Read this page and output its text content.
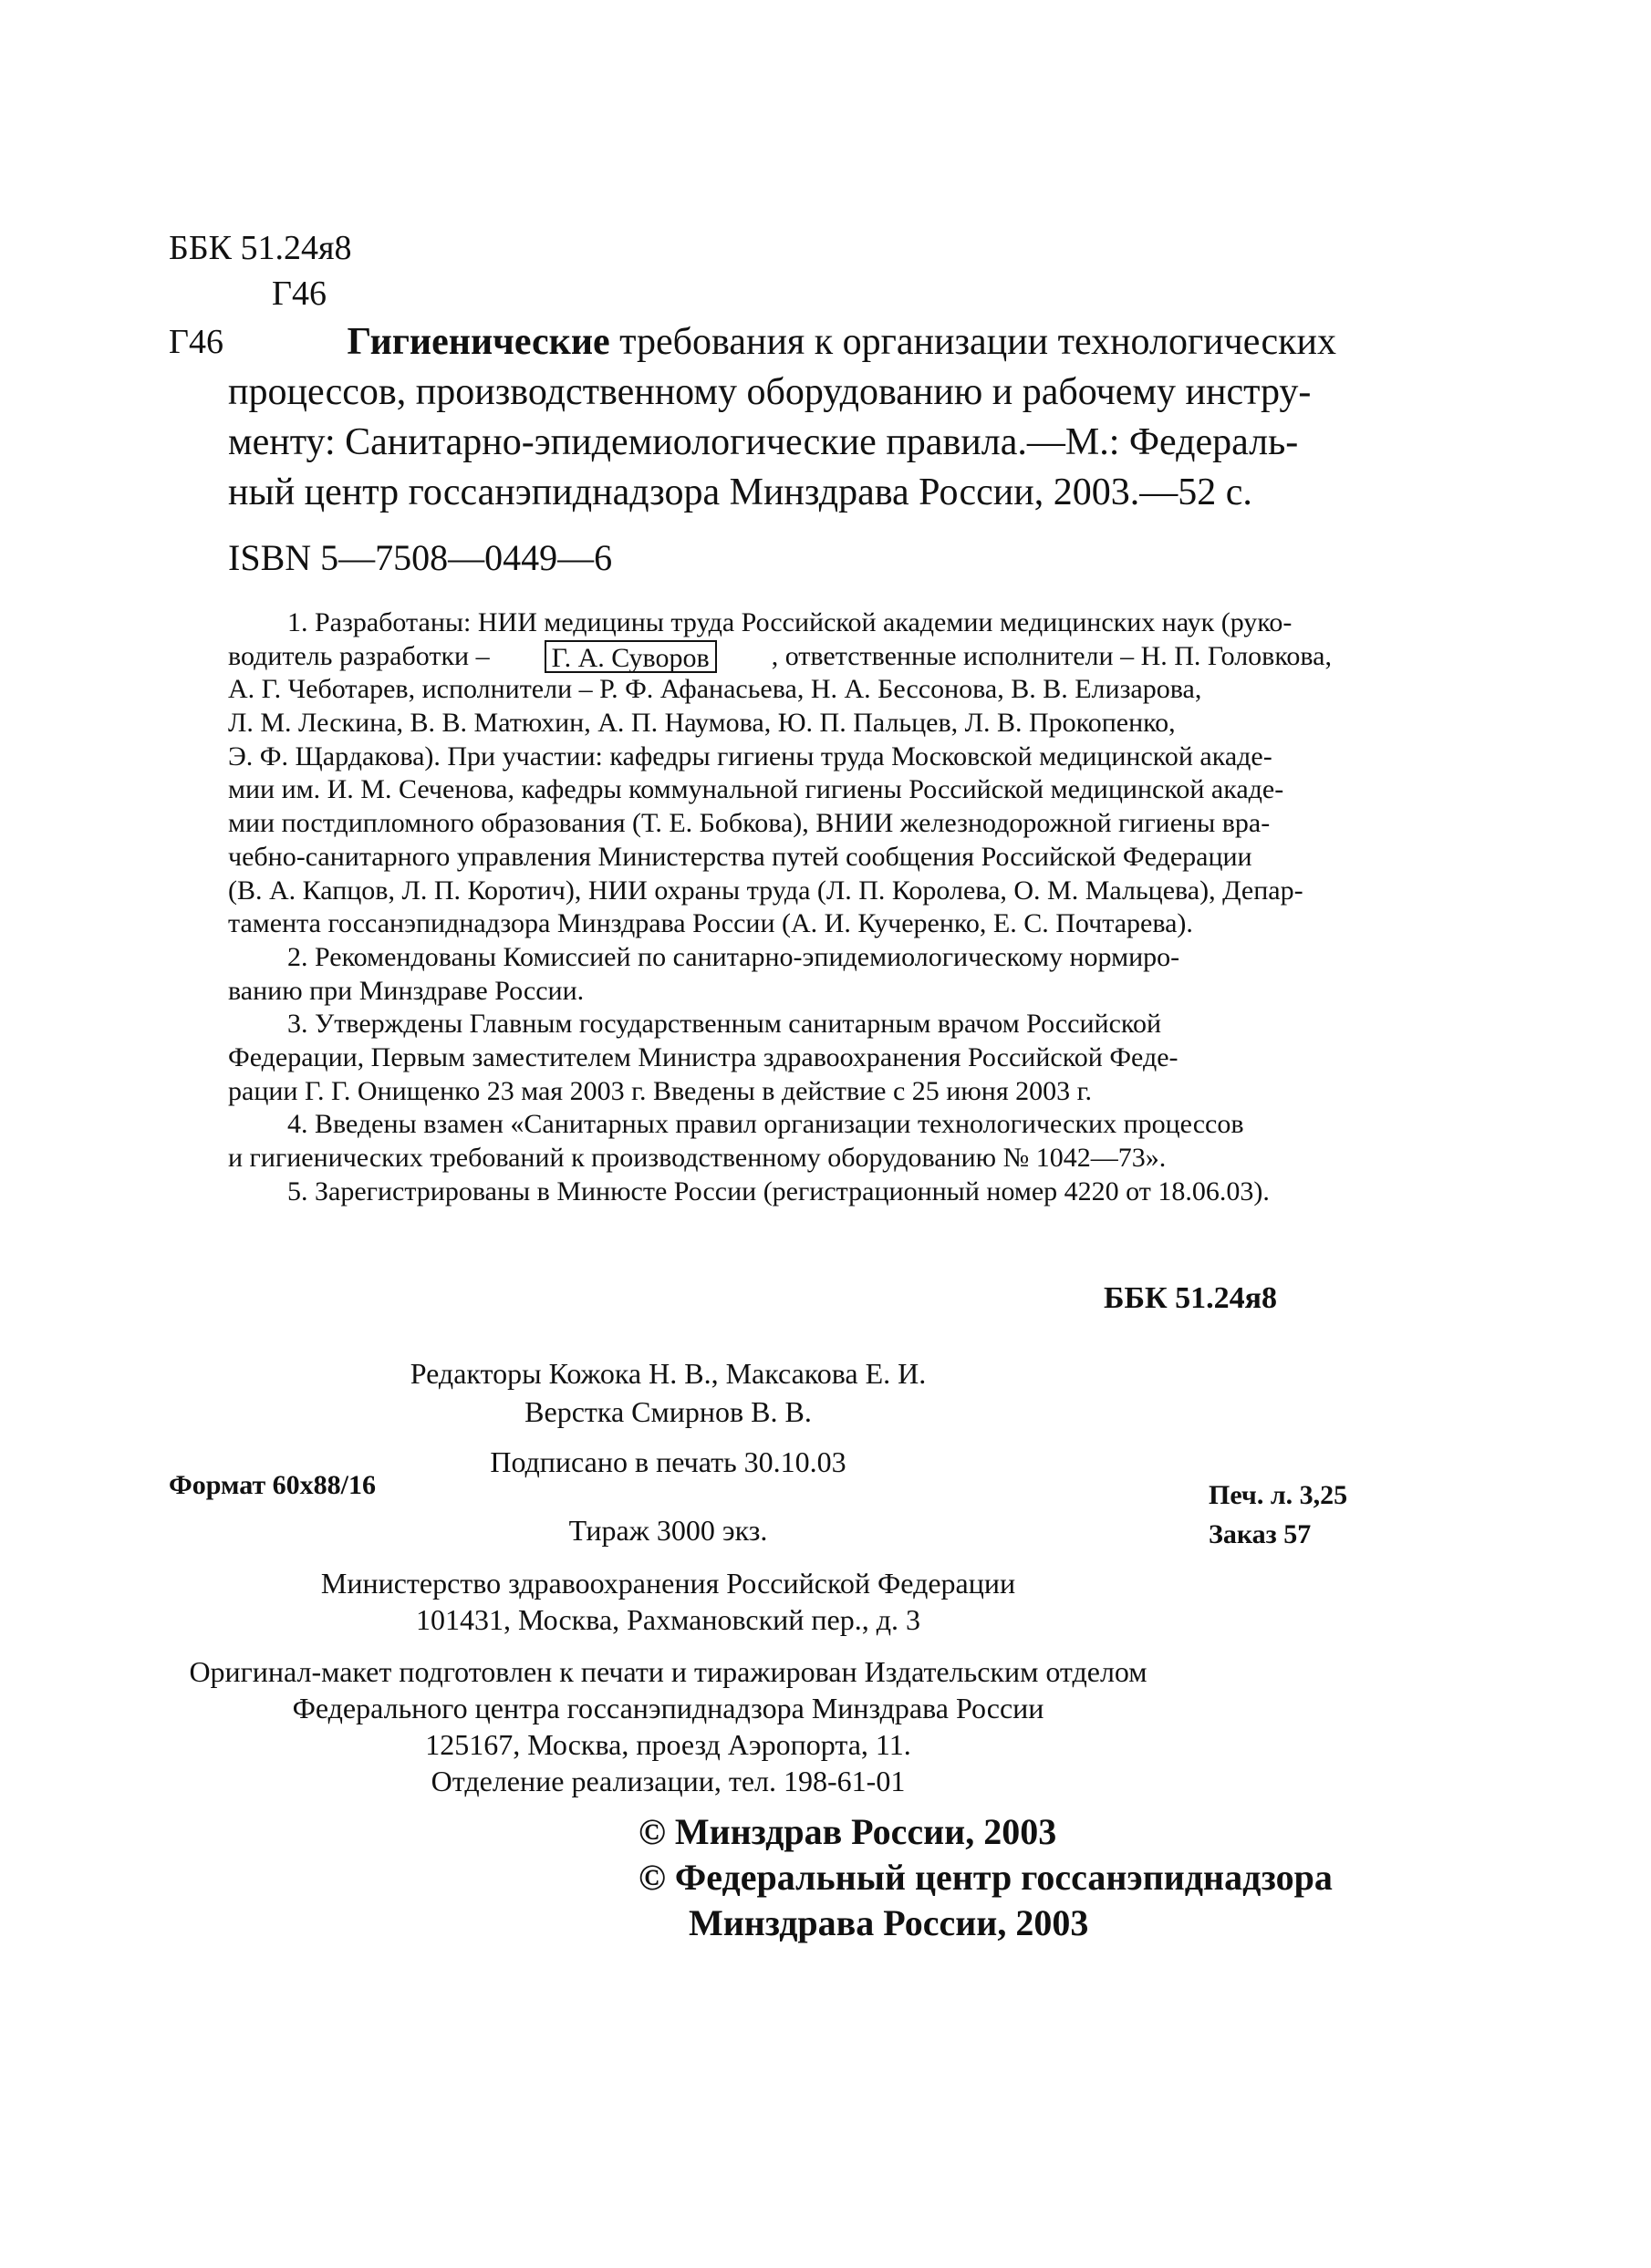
ББК 51.24я8
Г46
Г46	Гигиенические требования к организации технологических
процессов, производственному оборудованию и рабочему инстру-
менту: Санитарно-эпидемиологические правила.—М.: Федераль-
ный центр госсанэпиднадзора Минздрава России, 2003.—52 с.
ISBN 5—7508—0449—6
1. Разработаны: НИИ медицины труда Российской академии медицинских наук (руко-
водитель разработки – Г. А. Суворов , ответственные исполнители – Н. П. Головкова,
А. Г. Чеботарев, исполнители – Р. Ф. Афанасьева, Н. А. Бессонова, В. В. Елизарова,
Л. М. Лескина, В. В. Матюхин, А. П. Наумова, Ю. П. Пальцев, Л. В. Прокопенко,
Э. Ф. Щардакова). При участии: кафедры гигиены труда Московской медицинской акаде-
мии им. И. М. Сеченова, кафедры коммунальной гигиены Российской медицинской акаде-
мии постдипломного образования (Т. Е. Бобкова), ВНИИ железнодорожной гигиены вра-
чебно-санитарного управления Министерства путей сообщения Российской Федерации
(В. А. Капцов, Л. П. Коротич), НИИ охраны труда (Л. П. Королева, О. М. Мальцева), Депар-
тамента госсанэпиднадзора Минздрава России (А. И. Кучеренко, Е. С. Почтарева).
2. Рекомендованы Комиссией по санитарно-эпидемиологическому нормиро-
ванию при Минздраве России.
3. Утверждены Главным государственным санитарным врачом Российской
Федерации, Первым заместителем Министра здравоохранения Российской Феде-
рации Г. Г. Онищенко 23 мая 2003 г. Введены в действие с 25 июня 2003 г.
4. Введены взамен «Санитарных правил организации технологических процессов
и гигиенических требований к производственному оборудованию № 1042—73».
5. Зарегистрированы в Минюсте России (регистрационный номер 4220 от 18.06.03).
ББК 51.24я8
Редакторы Кожока Н. В., Максакова Е. И.
Верстка Смирнов В. В.
Подписано в печать 30.10.03
Формат 60x88/16	Печ. л. 3,25
Тираж 3000 экз.	Заказ 57
Министерство здравоохранения Российской Федерации
101431, Москва, Рахмановский пер., д. 3
Оригинал-макет подготовлен к печати и тиражирован Издательским отделом
Федерального центра госсанэпиднадзора Минздрава России
125167, Москва, проезд Аэропорта, 11.
Отделение реализации, тел. 198-61-01
© Минздрав России, 2003
© Федеральный центр госсанэпиднадзора
Минздрава России, 2003
